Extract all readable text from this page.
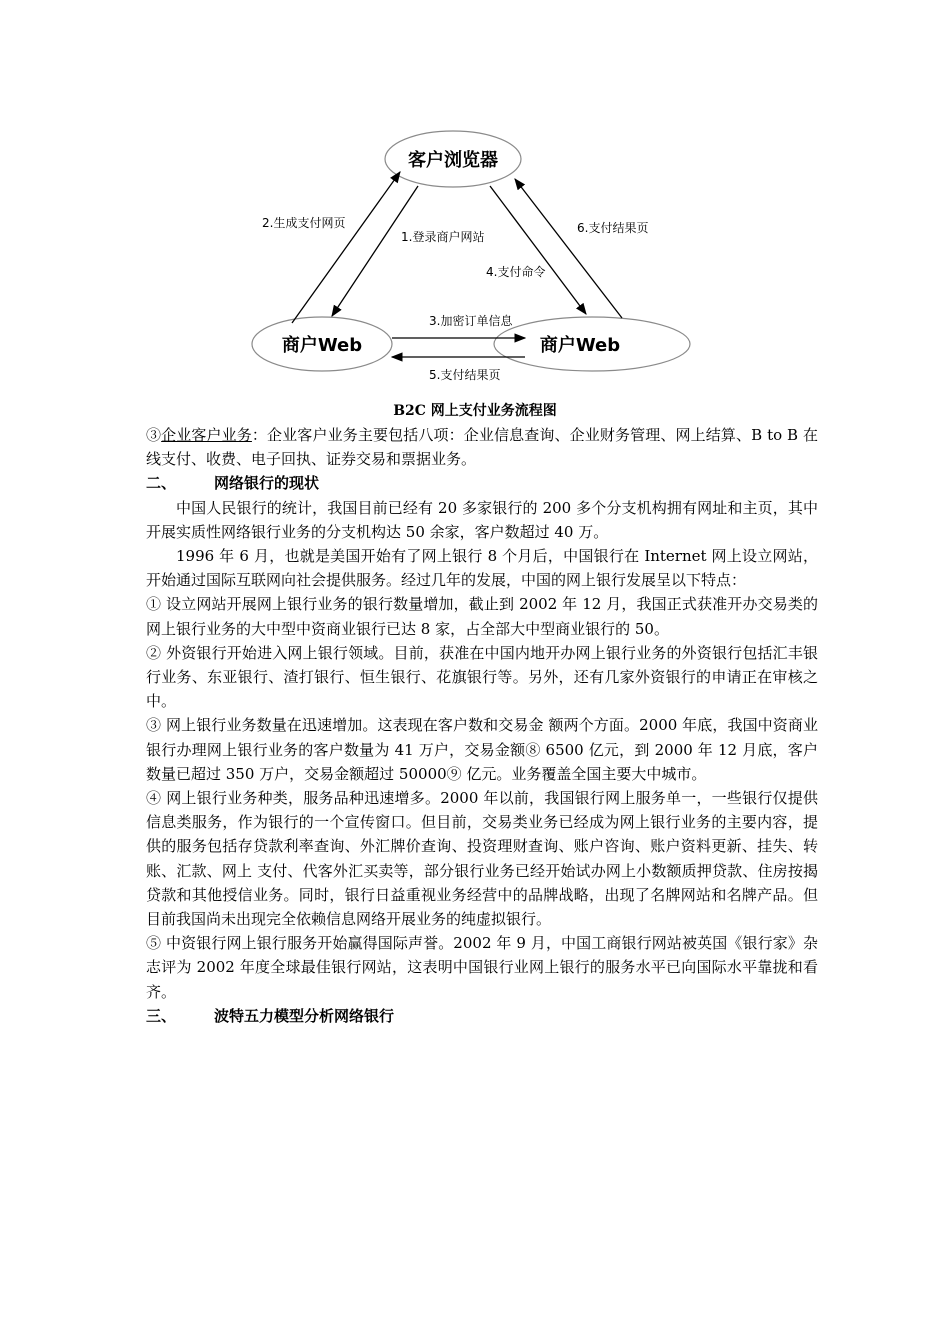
客户浏览器
商户Web	商户Web
2.生成支付网页
1.登录商户网站
6.支付结果页
4.支付命令
3.加密订单信息
5.支付结果页
B2C 网上支付业务流程图

③企业客户业务：企业客户业务主要包括八项：企业信息查询、企业财务管理、网上结算、B to B 在线支付、收费、电子回执、证券交易和票据业务。

二、	网络银行的现状

中国人民银行的统计，我国目前已经有 20 多家银行的 200 多个分支机构拥有网址和主页，其中开展实质性网络银行业务的分支机构达 50 余家，客户数超过 40 万。

1996 年 6 月，也就是美国开始有了网上银行 8 个月后，中国银行在 Internet 网上设立网站，开始通过国际互联网向社会提供服务。经过几年的发展，中国的网上银行发展呈以下特点：

① 设立网站开展网上银行业务的银行数量增加，截止到 2002 年 12 月，我国正式获准开办交易类的网上银行业务的大中型中资商业银行已达 8 家，占全部大中型商业银行的 50。

② 外资银行开始进入网上银行领域。目前，获准在中国内地开办网上银行业务的外资银行包括汇丰银行业务、东亚银行、渣打银行、恒生银行、花旗银行等。另外，还有几家外资银行的申请正在审核之中。

③ 网上银行业务数量在迅速增加。这表现在客户数和交易金 额两个方面。2000 年底，我国中资商业银行办理网上银行业务的客户数量为 41 万户，交易金额⑧ 6500 亿元，到 2000 年 12 月底，客户数量已超过 350 万户，交易金额超过 50000⑨ 亿元。业务覆盖全国主要大中城市。

④ 网上银行业务种类，服务品种迅速增多。2000 年以前，我国银行网上服务单一，一些银行仅提供信息类服务，作为银行的一个宣传窗口。但目前，交易类业务已经成为网上银行业务的主要内容，提供的服务包括存贷款利率查询、外汇牌价查询、投资理财查询、账户咨询、账户资料更新、挂失、转账、汇款、网上 支付、代客外汇买卖等，部分银行业务已经开始试办网上小数额质押贷款、住房按揭贷款和其他授信业务。同时，银行日益重视业务经营中的品牌战略，出现了名牌网站和名牌产品。但目前我国尚未出现完全依赖信息网络开展业务的纯虚拟银行。

⑤ 中资银行网上银行服务开始赢得国际声誉。2002 年 9 月，中国工商银行网站被英国《银行家》杂志评为 2002 年度全球最佳银行网站，这表明中国银行业网上银行的服务水平已向国际水平靠拢和看齐。

三、	波特五力模型分析网络银行
